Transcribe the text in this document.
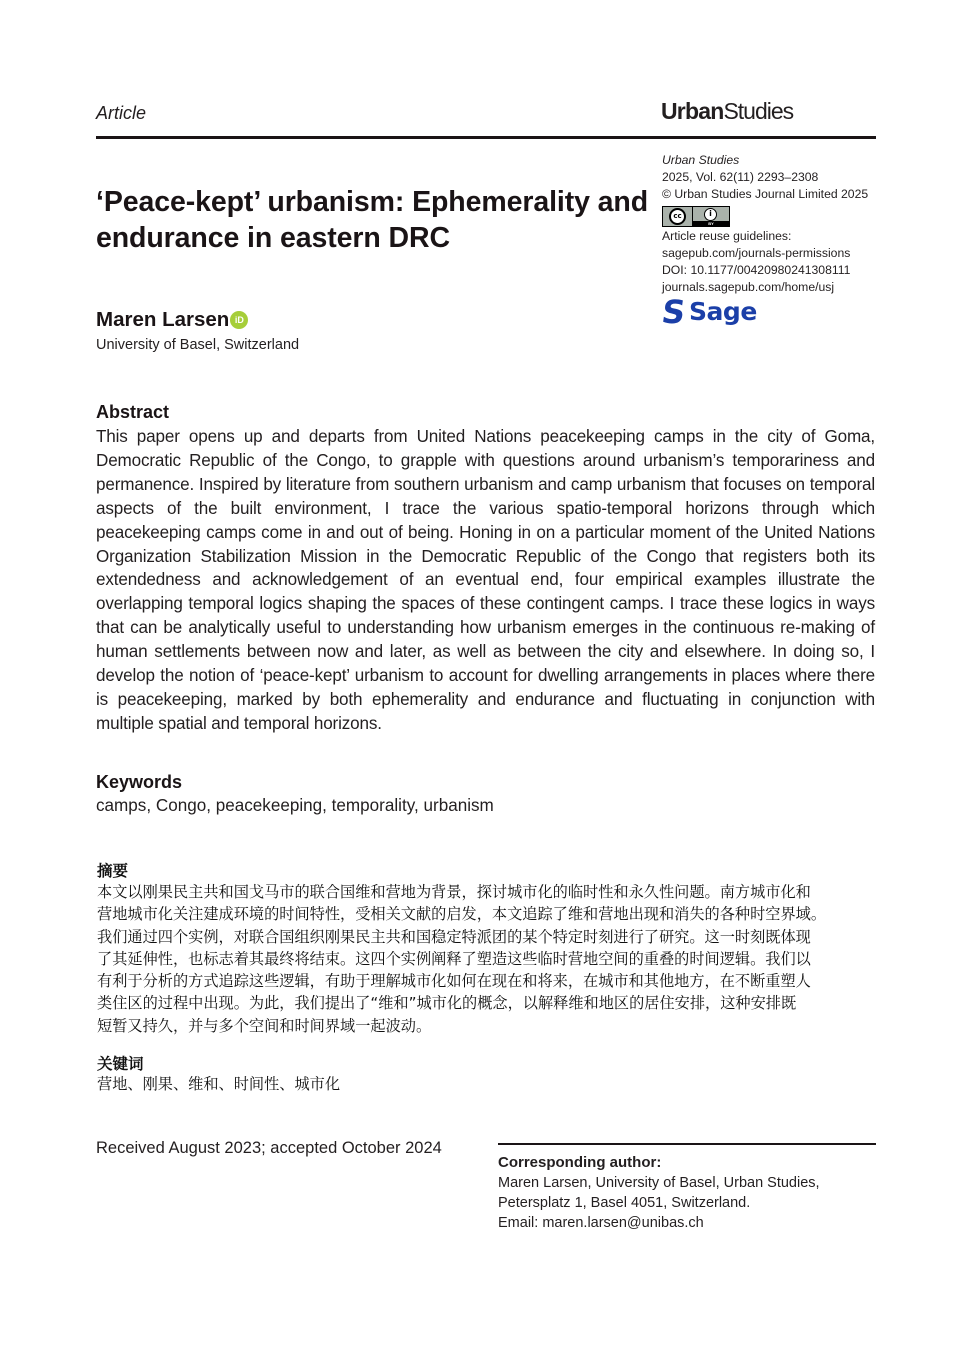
Article	UrbanStudies
Urban Studies
2025, Vol. 62(11) 2293–2308
© Urban Studies Journal Limited 2025
cc	i
BY
Article reuse guidelines:
sagepub.com/journals-permissions
DOI: 10.1177/00420980241308111
journals.sagepub.com/home/usj
S Sage
‘Peace-kept’ urbanism: Ephemerality and endurance in eastern DRC
Maren Larsen iD
University of Basel, Switzerland
Abstract

This paper opens up and departs from United Nations peacekeeping camps in the city of Goma, Democratic Republic of the Congo, to grapple with questions around urbanism’s temporariness and permanence. Inspired by literature from southern urbanism and camp urbanism that focuses on temporal aspects of the built environment, I trace the various spatio-temporal horizons through which peacekeeping camps come in and out of being. Honing in on a particular moment of the United Nations Organization Stabilization Mission in the Democratic Republic of the Congo that registers both its extendedness and acknowledgement of an eventual end, four empirical examples illustrate the overlapping temporal logics shaping the spaces of these contingent camps. I trace these logics in ways that can be analytically useful to understanding how urbanism emerges in the continuous re-making of human settlements between now and later, as well as between the city and elsewhere. In doing so, I develop the notion of ‘peace-kept’ urbanism to account for dwelling arrangements in places where there is peacekeeping, marked by both ephemerality and endurance and fluctuating in conjunction with multiple spatial and temporal horizons.

Keywords
camps, Congo, peacekeeping, temporality, urbanism
摘要
本文以刚果民主共和国戈马市的联合国维和营地为背景，探讨城市化的临时性和永久性问题。南方城市化和
营地城市化关注建成环境的时间特性，受相关文献的启发，本文追踪了维和营地出现和消失的各种时空界域。
我们通过四个实例，对联合国组织刚果民主共和国稳定特派团的某个特定时刻进行了研究。这一时刻既体现
了其延伸性，也标志着其最终将结束。这四个实例阐释了塑造这些临时营地空间的重叠的时间逻辑。我们以
有利于分析的方式追踪这些逻辑，有助于理解城市化如何在现在和将来，在城市和其他地方，在不断重塑人
类住区的过程中出现。为此，我们提出了“维和”城市化的概念，以解释维和地区的居住安排，这种安排既
短暂又持久，并与多个空间和时间界域一起波动。
关键词
营地、刚果、维和、时间性、城市化
Received August 2023; accepted October 2024
Corresponding author:
Maren Larsen, University of Basel, Urban Studies,
Petersplatz 1, Basel 4051, Switzerland.
Email: maren.larsen@unibas.ch
